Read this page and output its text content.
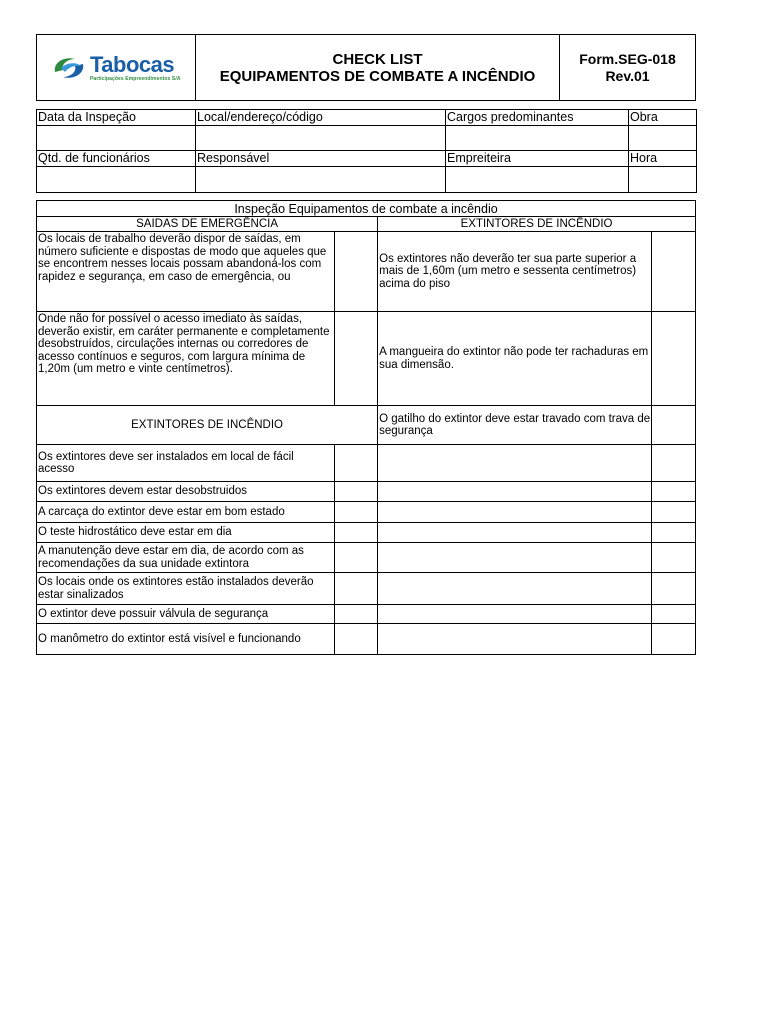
Tabocas
Participações Empreendimentos S/A

CHECK LIST
EQUIPAMENTOS DE COMBATE A INCÊNDIO

Form.SEG-018
Rev.01
Data da Inspeção	Local/endereço/código	Cargos predominantes	Obra

Qtd. de funcionários	Responsável	Empreiteira	Hora

Inspeção Equipamentos de combate a incêndio			
SAIDAS DE EMERGÊNCIA		EXTINTORES DE INCÊNDIO	
Os locais de trabalho deverão dispor de saídas, em número suficiente e dispostas de modo que aqueles que se encontrem nesses locais possam abandoná-los com rapidez e segurança, em caso de emergência, ou		Os extintores não deverão ter sua parte superior a mais de 1,60m (um metro e sessenta centímetros) acima do piso	
Onde não for possível o acesso imediato às saídas, deverão existir, em caráter permanente e completamente desobstruídos, circulações internas ou corredores de acesso contínuos e seguros, com largura mínima de 1,20m (um metro e vinte centímetros).		A mangueira do extintor não pode ter rachaduras em sua dimensão.	
EXTINTORES DE INCÊNDIO		O gatilho do extintor deve estar travado com trava de segurança	
Os extintores deve ser instalados em local de fácil acesso			
Os extintores devem estar desobstruidos			
A carcaça do extintor deve estar em bom estado			
O teste hidrostático deve estar em dia			
A manutenção deve estar em dia, de acordo com as recomendações da sua unidade extintora			
Os locais onde os extintores estão instalados deverão estar sinalizados			
O extintor deve possuir válvula de segurança			
O manômetro do extintor está visível e funcionando			
